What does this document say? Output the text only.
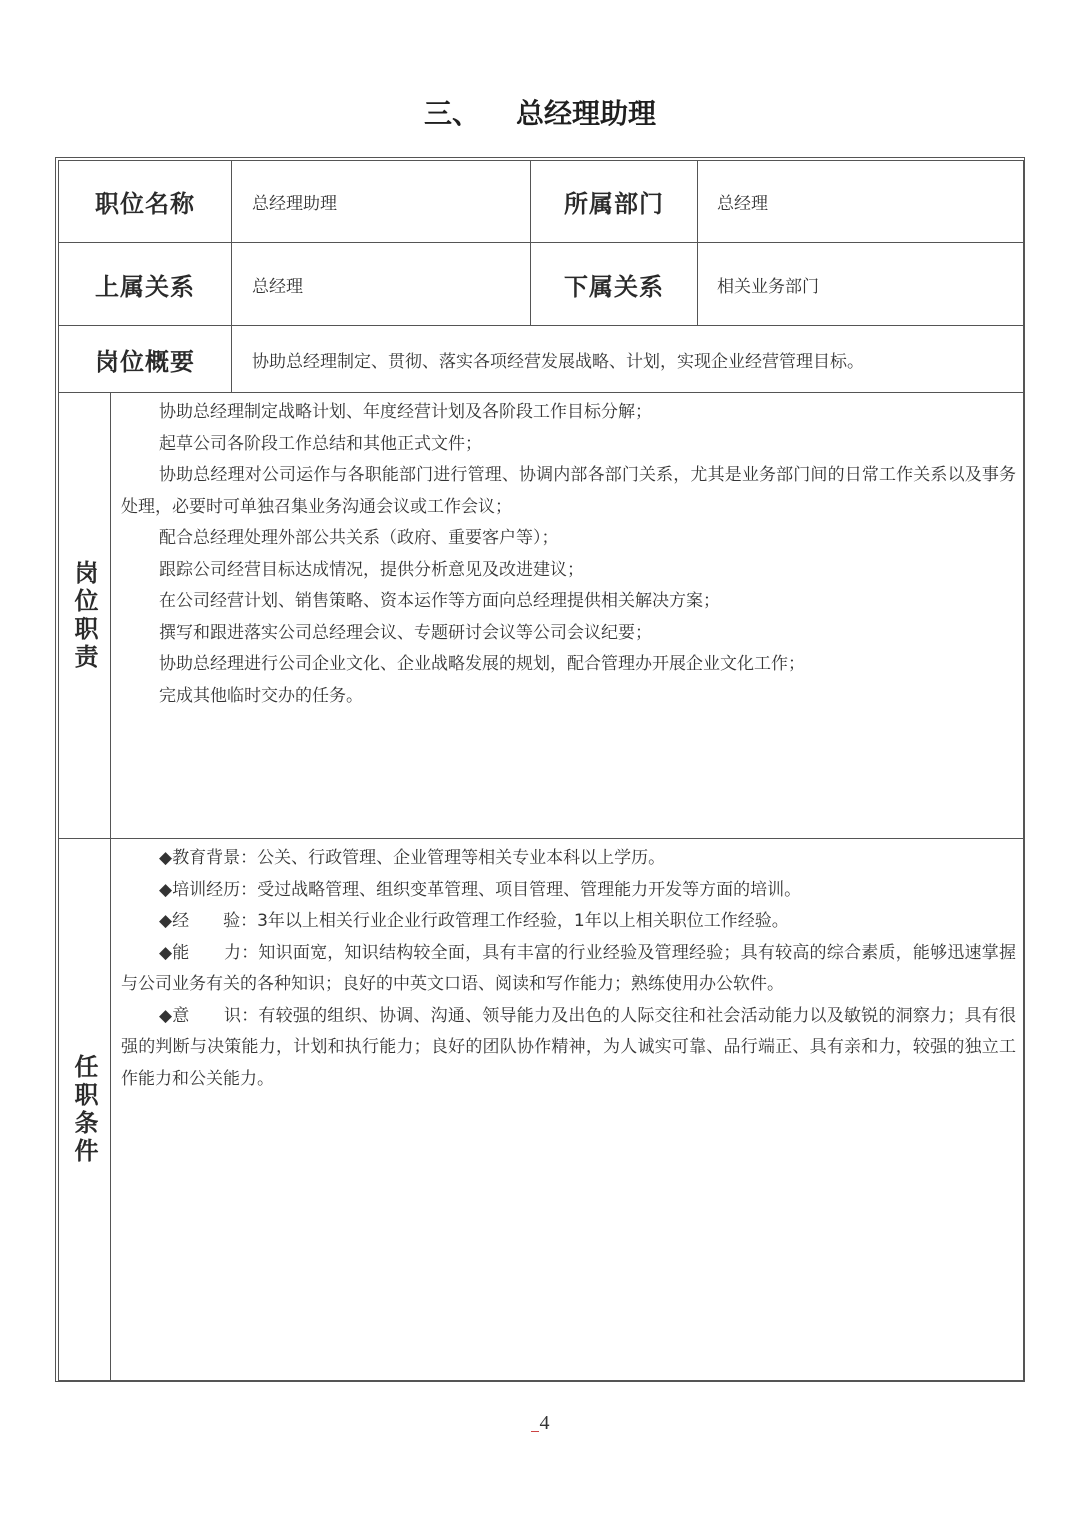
三、 总经理助理
职位名称	总经理助理	所属部门	总经理
上属关系	总经理	下属关系	相关业务部门
岗位概要	协助总经理制定、贯彻、落实各项经营发展战略、计划，实现企业经营管理目标。
岗位职责

协助总经理制定战略计划、年度经营计划及各阶段工作目标分解；

起草公司各阶段工作总结和其他正式文件；

协助总经理对公司运作与各职能部门进行管理、协调内部各部门关系，尤其是业务部门间的日常工作关系以及事务处理，必要时可单独召集业务沟通会议或工作会议；

配合总经理处理外部公共关系（政府、重要客户等）；

跟踪公司经营目标达成情况，提供分析意见及改进建议；

在公司经营计划、销售策略、资本运作等方面向总经理提供相关解决方案；

撰写和跟进落实公司总经理会议、专题研讨会议等公司会议纪要；

协助总经理进行公司企业文化、企业战略发展的规划，配合管理办开展企业文化工作；

完成其他临时交办的任务。

任职条件

◆教育背景：公关、行政管理、企业管理等相关专业本科以上学历。

◆培训经历：受过战略管理、组织变革管理、项目管理、管理能力开发等方面的培训。

◆经　　验：3年以上相关行业企业行政管理工作经验，1年以上相关职位工作经验。

◆能　　力：知识面宽，知识结构较全面，具有丰富的行业经验及管理经验；具有较高的综合素质，能够迅速掌握与公司业务有关的各种知识；良好的中英文口语、阅读和写作能力；熟练使用办公软件。

◆意　　识：有较强的组织、协调、沟通、领导能力及出色的人际交往和社会活动能力以及敏锐的洞察力；具有很强的判断与决策能力，计划和执行能力；良好的团队协作精神，为人诚实可靠、品行端正、具有亲和力，较强的独立工作能力和公关能力。

4
